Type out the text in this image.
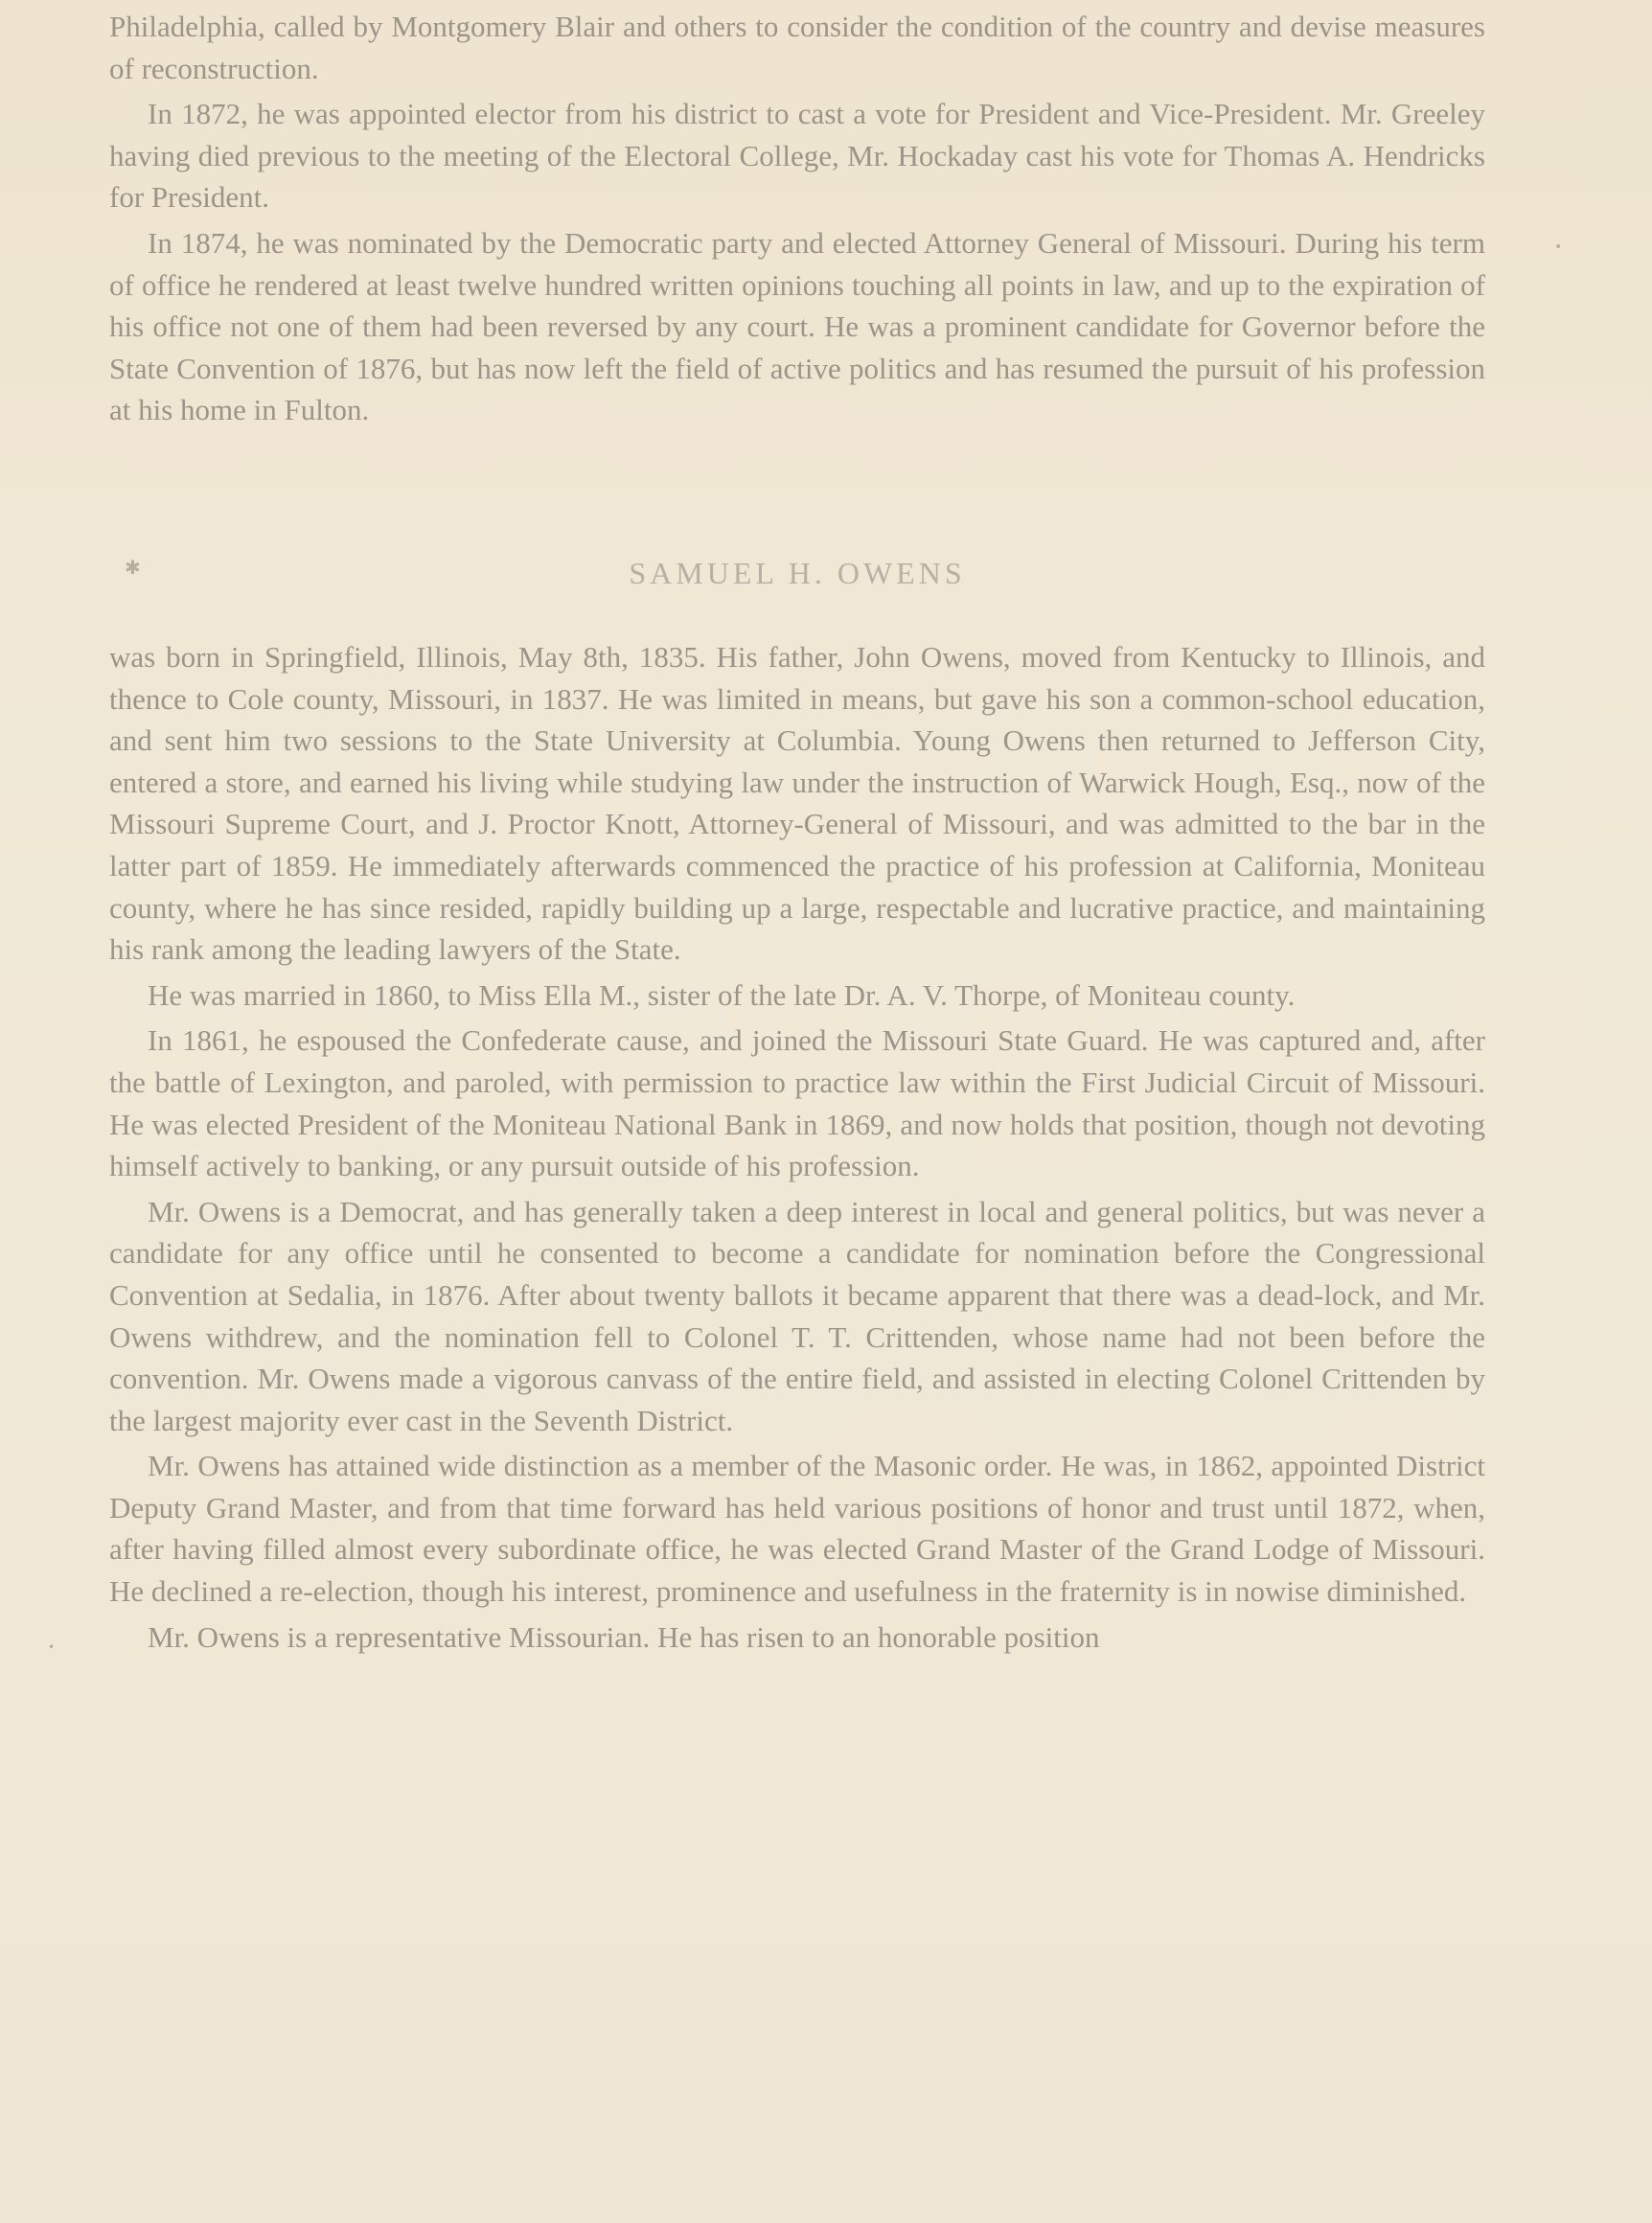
Philadelphia, called by Montgomery Blair and others to consider the condition of the country and devise measures of reconstruction.

In 1872, he was appointed elector from his district to cast a vote for President and Vice-President. Mr. Greeley having died previous to the meeting of the Electoral College, Mr. Hockaday cast his vote for Thomas A. Hendricks for President.

In 1874, he was nominated by the Democratic party and elected Attorney General of Missouri. During his term of office he rendered at least twelve hundred written opinions touching all points in law, and up to the expiration of his office not one of them had been reversed by any court. He was a prominent candidate for Governor before the State Convention of 1876, but has now left the field of active politics and has resumed the pursuit of his profession at his home in Fulton.

✱
•
•
SAMUEL H. OWENS

was born in Springfield, Illinois, May 8th, 1835. His father, John Owens, moved from Kentucky to Illinois, and thence to Cole county, Missouri, in 1837. He was limited in means, but gave his son a common-school education, and sent him two sessions to the State University at Columbia. Young Owens then returned to Jefferson City, entered a store, and earned his living while studying law under the instruction of Warwick Hough, Esq., now of the Missouri Supreme Court, and J. Proctor Knott, Attorney-General of Missouri, and was admitted to the bar in the latter part of 1859. He immediately afterwards commenced the practice of his profession at California, Moniteau county, where he has since resided, rapidly building up a large, respectable and lucrative practice, and maintaining his rank among the leading lawyers of the State.

He was married in 1860, to Miss Ella M., sister of the late Dr. A. V. Thorpe, of Moniteau county.

In 1861, he espoused the Confederate cause, and joined the Missouri State Guard. He was captured and, after the battle of Lexington, and paroled, with permission to practice law within the First Judicial Circuit of Missouri. He was elected President of the Moniteau National Bank in 1869, and now holds that position, though not devoting himself actively to banking, or any pursuit outside of his profession.

Mr. Owens is a Democrat, and has generally taken a deep interest in local and general politics, but was never a candidate for any office until he consented to become a candidate for nomination before the Congressional Convention at Sedalia, in 1876. After about twenty ballots it became apparent that there was a dead-lock, and Mr. Owens withdrew, and the nomination fell to Colonel T. T. Crittenden, whose name had not been before the convention. Mr. Owens made a vigorous canvass of the entire field, and assisted in electing Colonel Crittenden by the largest majority ever cast in the Seventh District.

Mr. Owens has attained wide distinction as a member of the Masonic order. He was, in 1862, appointed District Deputy Grand Master, and from that time forward has held various positions of honor and trust until 1872, when, after having filled almost every subordinate office, he was elected Grand Master of the Grand Lodge of Missouri. He declined a re-election, though his interest, prominence and usefulness in the fraternity is in nowise diminished.

Mr. Owens is a representative Missourian. He has risen to an honorable position
